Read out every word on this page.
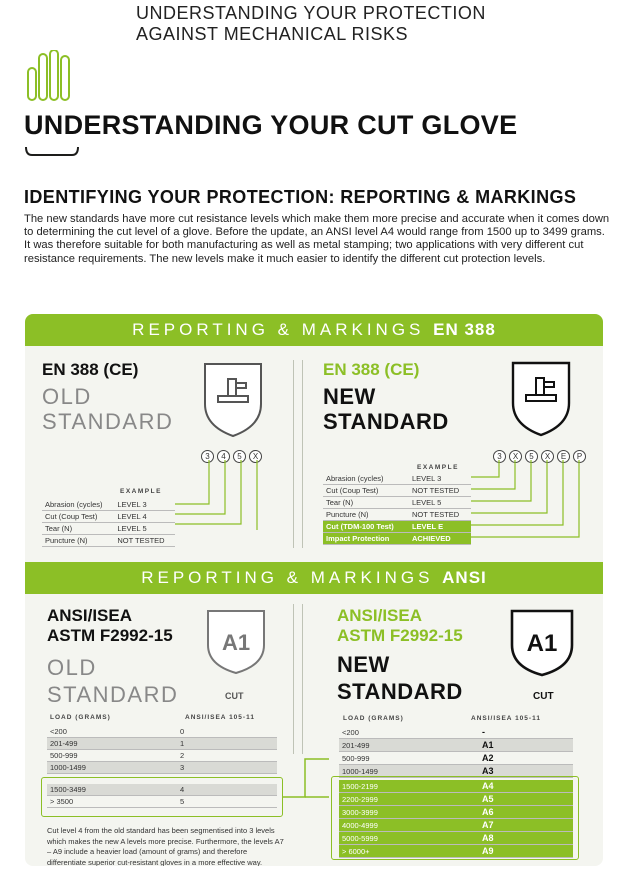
UNDERSTANDING YOUR PROTECTION
AGAINST MECHANICAL RISKS
UNDERSTANDING YOUR CUT GLOVE
IDENTIFYING YOUR PROTECTION: REPORTING & MARKINGS
The new standards have more cut resistance levels which make them more precise and accurate when it comes down to determining the cut level of a glove. Before the update, an ANSI level A4 would range from 1500 up to 3499 grams. It was therefore suitable for both manufacturing as well as metal stamping; two applications with very different cut resistance requirements. The new levels make it much easier to identify the different cut protection levels.
REPORTING & MARKINGS EN 388
EN 388 (CE)
OLD
STANDARD
3 4 5 X
EXAMPLE
Abrasion (cycles)	LEVEL 3
Cut (Coup Test)	LEVEL 4
Tear (N)	LEVEL 5
Puncture (N)	NOT TESTED
EN 388 (CE)
NEW
STANDARD
3 X 5 X E P
EXAMPLE
Abrasion (cycles)	LEVEL 3
Cut (Coup Test)	NOT TESTED
Tear (N)	LEVEL 5
Puncture (N)	NOT TESTED
Cut (TDM-100 Test)	LEVEL E
Impact Protection	ACHIEVED
REPORTING & MARKINGS ANSI
ANSI/ISEA
ASTM F2992-15
OLD
STANDARD
A1
CUT
LOAD (GRAMS)	ANSI/ISEA 105-11
<200	0
201-499	1
500-999	2
1000-1499	3
1500-3499	4
> 3500	5
Cut level 4 from the old standard has been segmentised into 3 levels which makes the new A levels more precise. Furthermore, the levels A7 – A9 include a heavier load (amount of grams) and therefore differentiate superior cut-resistant gloves in a more effective way.
ANSI/ISEA
ASTM F2992-15
NEW
STANDARD
A1
CUT
LOAD (GRAMS)	ANSI/ISEA 105-11
<200	-
201-499	A1
500-999	A2
1000-1499	A3
1500-2199	A4
2200-2999	A5
3000-3999	A6
4000-4999	A7
5000-5999	A8
> 6000+	A9
